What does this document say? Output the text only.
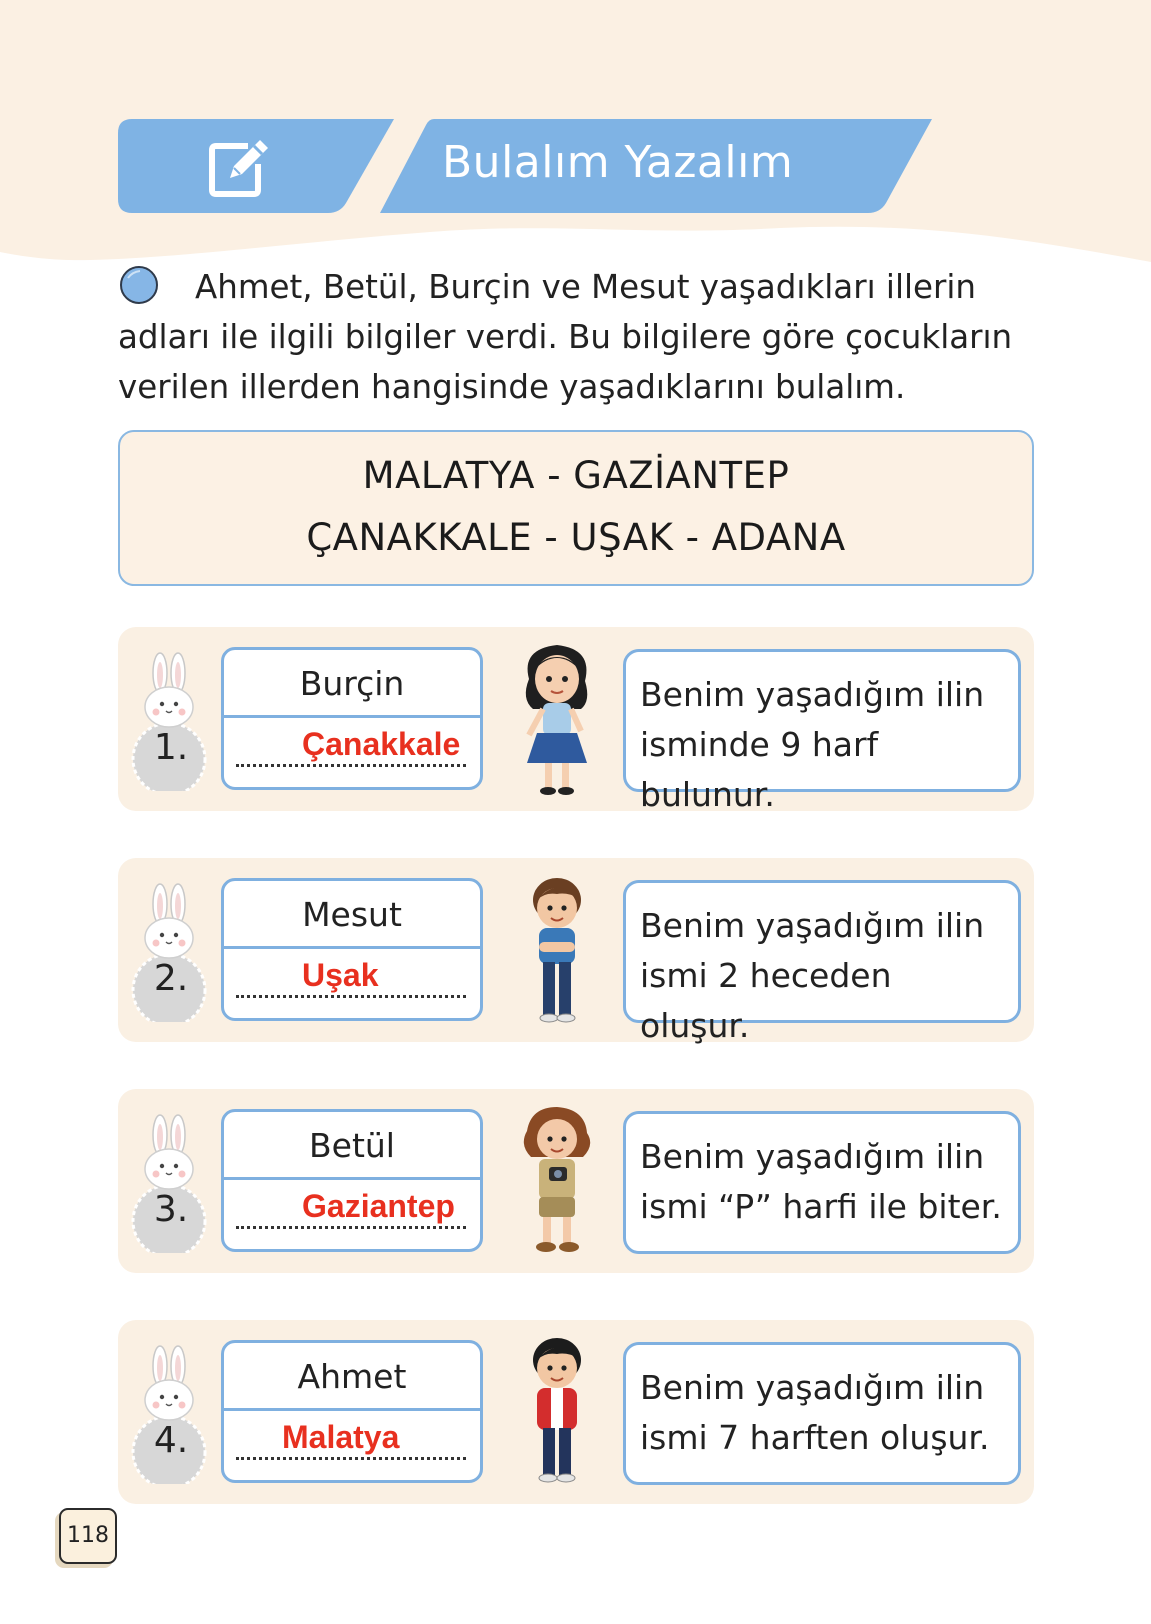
Bulalım Yazalım
Ahmet, Betül, Burçin ve Mesut yaşadıkları illerin adları ile ilgili bilgiler verdi. Bu bilgilere göre çocukların verilen illerden hangisinde yaşadıklarını bulalım.
MALATYA - GAZİANTEP
ÇANAKKALE - UŞAK - ADANA
1.
Burçin
Çanakkale
Benim yaşadığım ilin isminde 9 harf bulunur.
2.
Mesut
Uşak
Benim yaşadığım ilin ismi 2 heceden oluşur.
3.
Betül
Gaziantep
Benim yaşadığım ilin ismi “P” harfi ile biter.
4.
Ahmet
Malatya
Benim yaşadığım ilin ismi 7 harften oluşur.
118
